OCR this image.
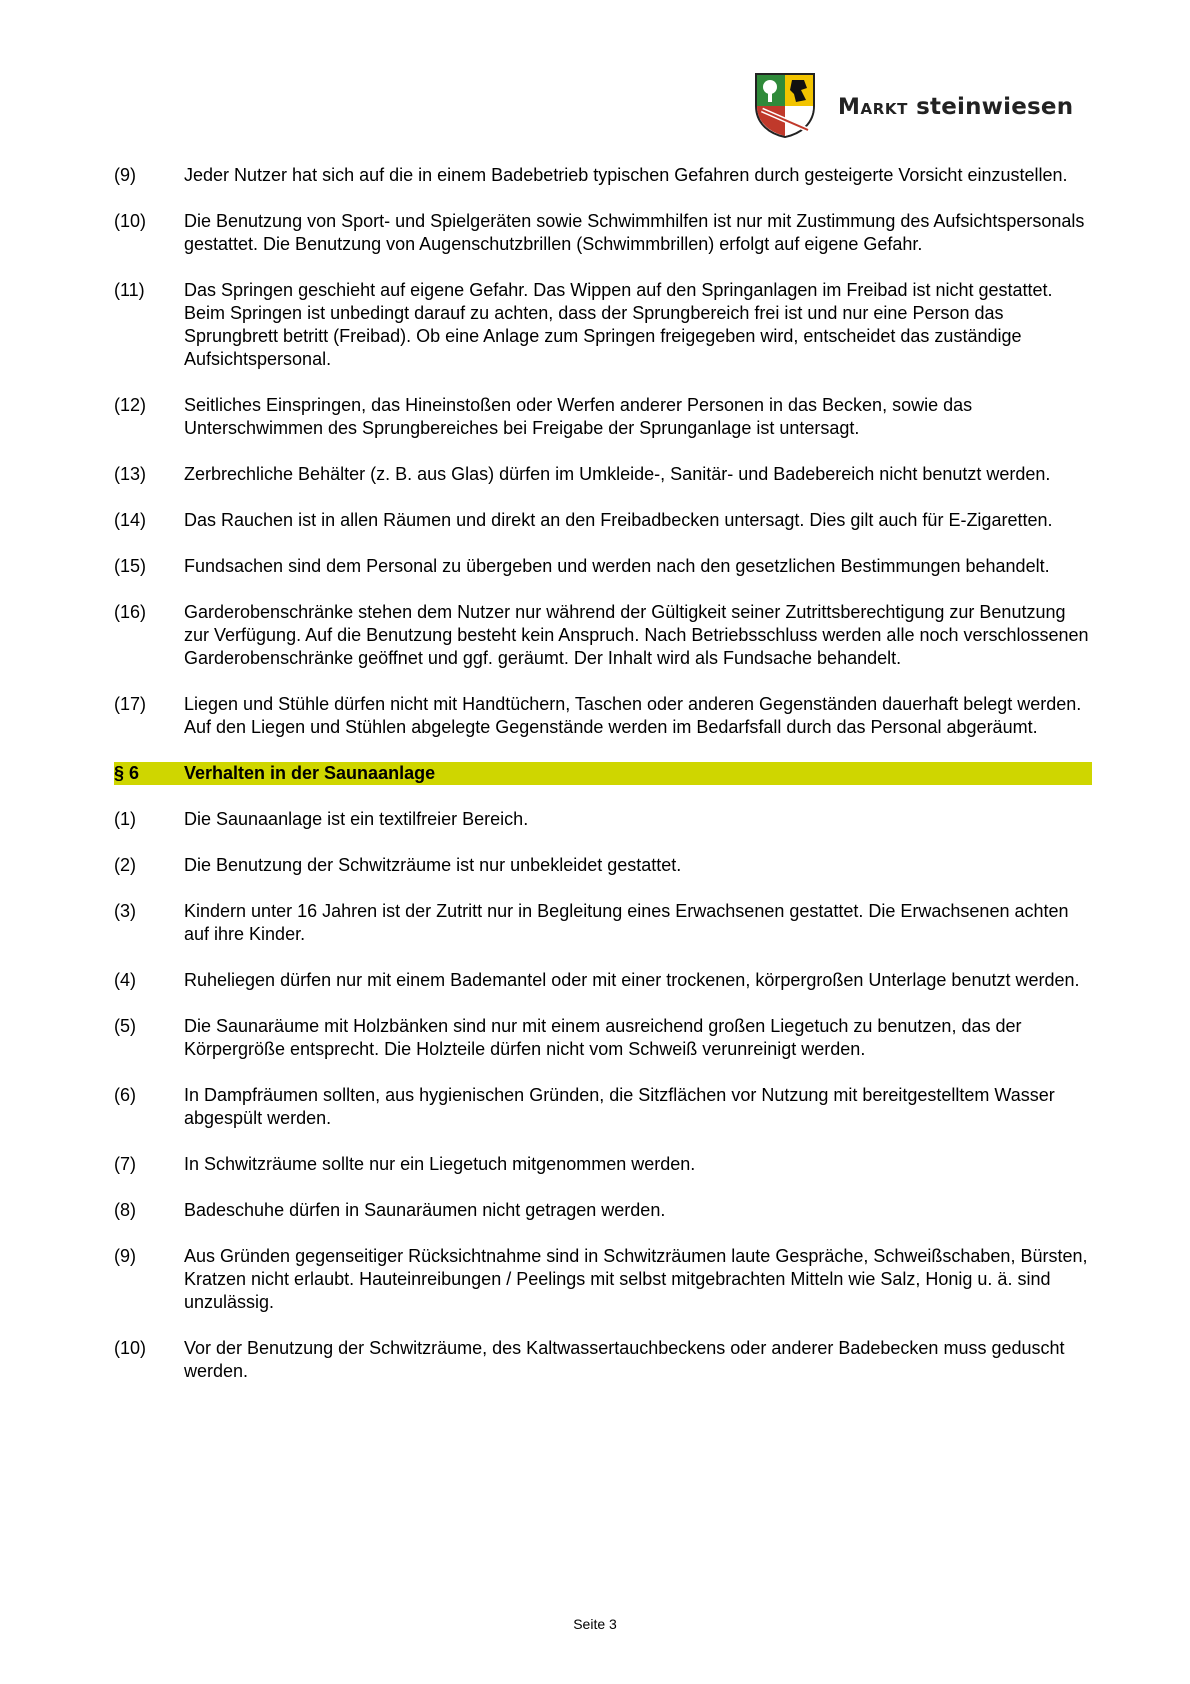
Markt steinwiesen
(9)	Jeder Nutzer hat sich auf die in einem Badebetrieb typischen Gefahren durch gesteigerte Vorsicht einzustellen.
(10)	Die Benutzung von Sport- und Spielgeräten sowie Schwimmhilfen ist nur mit Zustimmung des Aufsichtspersonals gestattet. Die Benutzung von Augenschutzbrillen (Schwimmbrillen) erfolgt auf eigene Gefahr.
(11)	Das Springen geschieht auf eigene Gefahr. Das Wippen auf den Springanlagen im Freibad ist nicht gestattet. Beim Springen ist unbedingt darauf zu achten, dass der Sprungbereich frei ist und nur eine Person das Sprungbrett betritt (Freibad). Ob eine Anlage zum Springen freigegeben wird, entscheidet das zuständige Aufsichtspersonal.
(12)	Seitliches Einspringen, das Hineinstoßen oder Werfen anderer Personen in das Becken, sowie das Unterschwimmen des Sprungbereiches bei Freigabe der Sprunganlage ist untersagt.
(13)	Zerbrechliche Behälter (z. B. aus Glas) dürfen im Umkleide-, Sanitär- und Badebereich nicht benutzt werden.
(14)	Das Rauchen ist in allen Räumen und direkt an den Freibadbecken untersagt. Dies gilt auch für E-Zigaretten.
(15)	Fundsachen sind dem Personal zu übergeben und werden nach den gesetzlichen Bestimmungen behandelt.
(16)	Garderobenschränke stehen dem Nutzer nur während der Gültigkeit seiner Zutrittsberechtigung zur Benutzung zur Verfügung. Auf die Benutzung besteht kein Anspruch. Nach Betriebsschluss werden alle noch verschlossenen Garderobenschränke geöffnet und ggf. geräumt. Der Inhalt wird als Fundsache behandelt.
(17)	Liegen und Stühle dürfen nicht mit Handtüchern, Taschen oder anderen Gegenständen dauerhaft belegt werden. Auf den Liegen und Stühlen abgelegte Gegenstände werden im Bedarfsfall durch das Personal abgeräumt.
§ 6	Verhalten in der Saunaanlage
(1)	Die Saunaanlage ist ein textilfreier Bereich.
(2)	Die Benutzung der Schwitzräume ist nur unbekleidet gestattet.
(3)	Kindern unter 16 Jahren ist der Zutritt nur in Begleitung eines Erwachsenen gestattet. Die Erwachsenen achten auf ihre Kinder.
(4)	Ruheliegen dürfen nur mit einem Bademantel oder mit einer trockenen, körpergroßen Unterlage benutzt werden.
(5)	Die Saunaräume mit Holzbänken sind nur mit einem ausreichend großen Liegetuch zu benutzen, das der Körpergröße entsprecht. Die Holzteile dürfen nicht vom Schweiß verunreinigt werden.
(6)	In Dampfräumen sollten, aus hygienischen Gründen, die Sitzflächen vor Nutzung mit bereitgestelltem Wasser abgespült werden.
(7)	In Schwitzräume sollte nur ein Liegetuch mitgenommen werden.
(8)	Badeschuhe dürfen in Saunaräumen nicht getragen werden.
(9)	Aus Gründen gegenseitiger Rücksichtnahme sind in Schwitzräumen laute Gespräche, Schweißschaben, Bürsten, Kratzen nicht erlaubt. Hauteinreibungen / Peelings mit selbst mitgebrachten Mitteln wie Salz, Honig u. ä. sind unzulässig.
(10)	Vor der Benutzung der Schwitzräume, des Kaltwassertauchbeckens oder anderer Badebecken muss geduscht werden.
Seite 3
